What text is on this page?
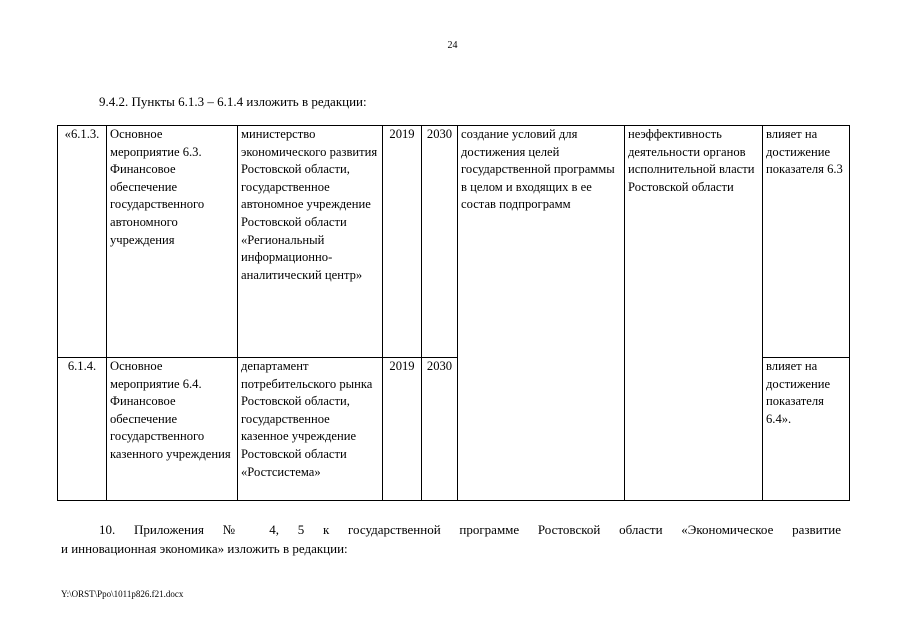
24
9.4.2. Пункты 6.1.3 – 6.1.4 изложить в редакции:
«6.1.3.	Основное мероприятие 6.3. Финансовое обеспечение государственного автономного учреждения	министерство экономического развития Ростовской области, государственное автономное учреждение Ростовской области «Региональный информационно-аналитический центр»	2019	2030	создание условий для достижения целей государственной программы в целом и входящих в ее состав подпрограмм	неэффективность деятельности органов исполнительной власти Ростовской области	влияет на достижение показателя 6.3
6.1.4.	Основное мероприятие 6.4. Финансовое обеспечение государственного казенного учреждения	департамент потребительского рынка Ростовской области, государственное казенное учреждение Ростовской области «Ростсистема»	2019	2030			влияет на достижение показателя 6.4».
10. Приложения № 4, 5 к государственной программе Ростовской области «Экономическое развитие
и инновационная экономика» изложить в редакции:
Y:\ORST\Ppo\1011p826.f21.docx
